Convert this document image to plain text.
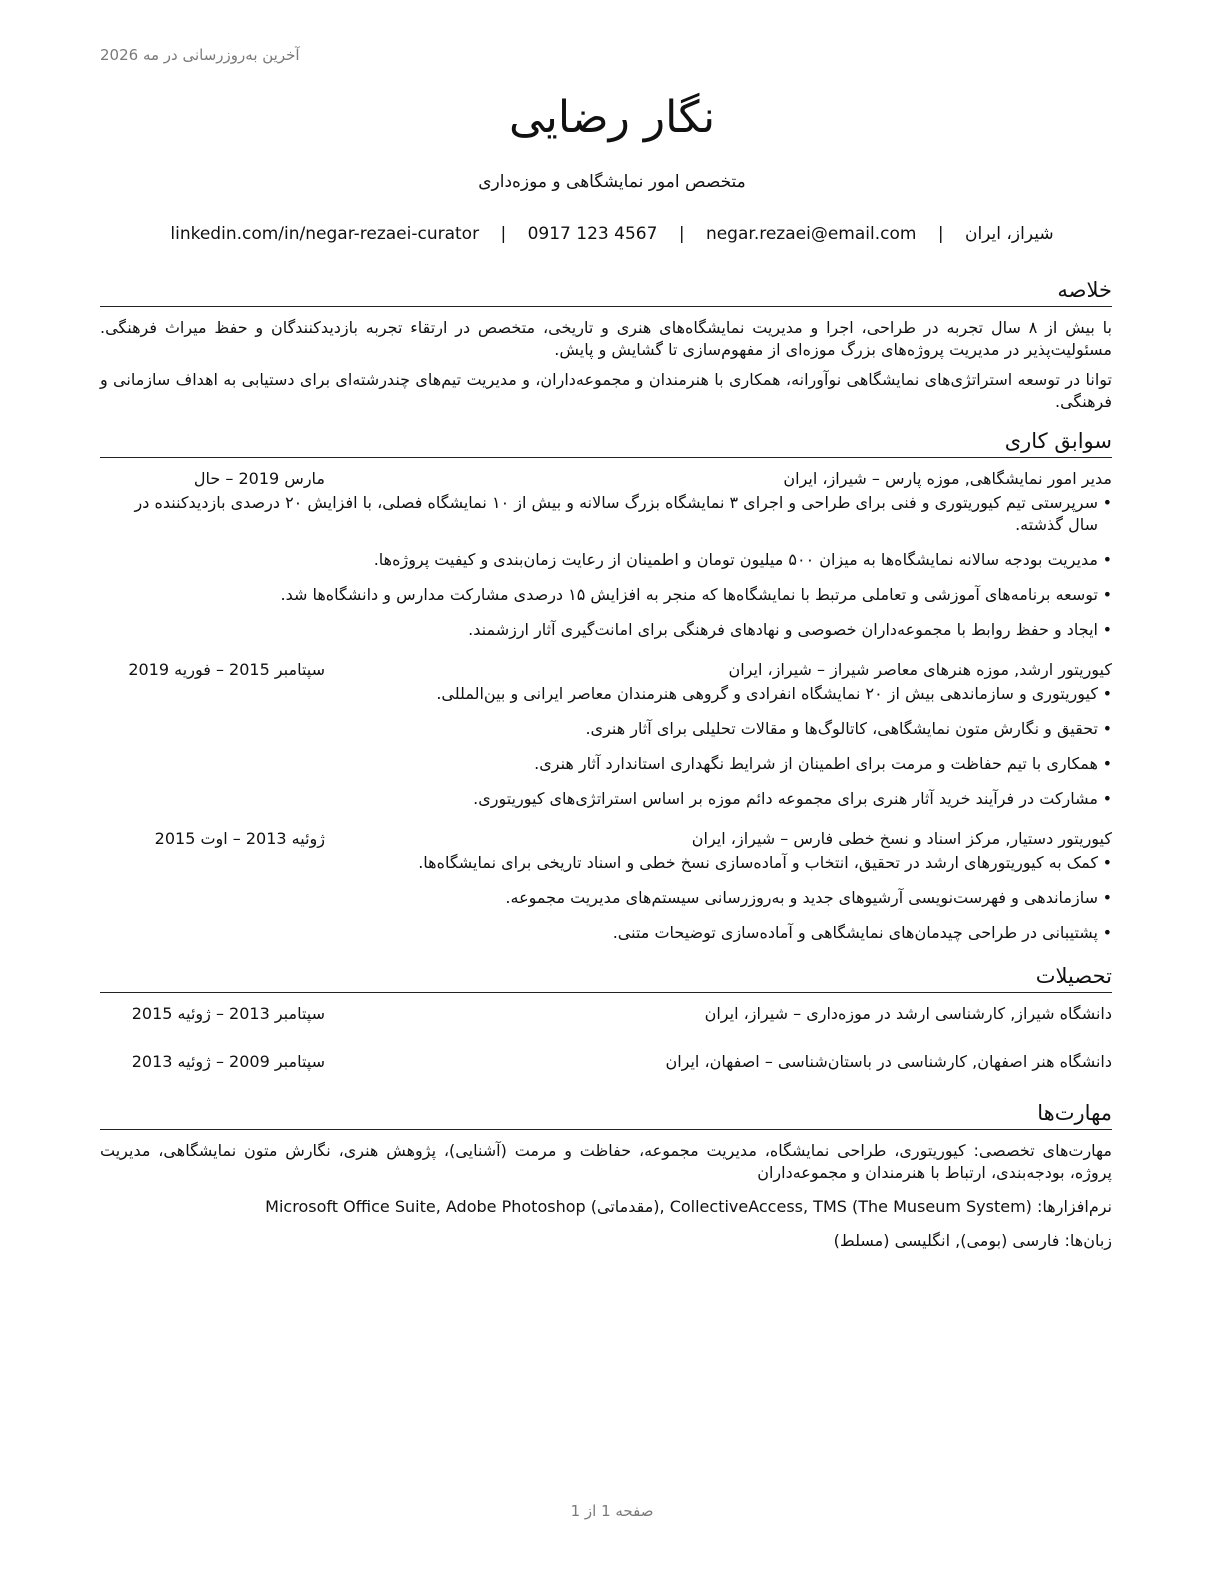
آخرین به‌روزرسانی در مه 2026
نگار رضایی
متخصص امور نمایشگاهی و موزه‌داری
شیراز، ایران | negar.rezaei@email.com | 0917 123 4567 | linkedin.com/in/negar-rezaei-curator
خلاصه

با بیش از ۸ سال تجربه در طراحی، اجرا و مدیریت نمایشگاه‌های هنری و تاریخی، متخصص در ارتقاء تجربه بازدیدکنندگان و حفظ میراث فرهنگی. مسئولیت‌پذیر در مدیریت پروژه‌های بزرگ موزه‌ای از مفهوم‌سازی تا گشایش و پایش.

توانا در توسعه استراتژی‌های نمایشگاهی نوآورانه، همکاری با هنرمندان و مجموعه‌داران، و مدیریت تیم‌های چندرشته‌ای برای دستیابی به اهداف سازمانی و فرهنگی.

سوابق کاری
مدیر امور نمایشگاهی, موزه پارس – شیراز، ایران
مارس 2019 – حال
• سرپرستی تیم کیوریتوری و فنی برای طراحی و اجرای ۳ نمایشگاه بزرگ سالانه و بیش از ۱۰ نمایشگاه فصلی، با افزایش ۲۰ درصدی بازدیدکننده در سال گذشته.
• مدیریت بودجه سالانه نمایشگاه‌ها به میزان ۵۰۰ میلیون تومان و اطمینان از رعایت زمان‌بندی و کیفیت پروژه‌ها.
• توسعه برنامه‌های آموزشی و تعاملی مرتبط با نمایشگاه‌ها که منجر به افزایش ۱۵ درصدی مشارکت مدارس و دانشگاه‌ها شد.
• ایجاد و حفظ روابط با مجموعه‌داران خصوصی و نهادهای فرهنگی برای امانت‌گیری آثار ارزشمند.
کیوریتور ارشد, موزه هنرهای معاصر شیراز – شیراز، ایران
سپتامبر 2015 – فوریه 2019
• کیوریتوری و سازماندهی بیش از ۲۰ نمایشگاه انفرادی و گروهی هنرمندان معاصر ایرانی و بین‌المللی.
• تحقیق و نگارش متون نمایشگاهی، کاتالوگ‌ها و مقالات تحلیلی برای آثار هنری.
• همکاری با تیم حفاظت و مرمت برای اطمینان از شرایط نگهداری استاندارد آثار هنری.
• مشارکت در فرآیند خرید آثار هنری برای مجموعه دائم موزه بر اساس استراتژی‌های کیوریتوری.
کیوریتور دستیار, مرکز اسناد و نسخ خطی فارس – شیراز، ایران
ژوئیه 2013 – اوت 2015
• کمک به کیوریتورهای ارشد در تحقیق، انتخاب و آماده‌سازی نسخ خطی و اسناد تاریخی برای نمایشگاه‌ها.
• سازماندهی و فهرست‌نویسی آرشیوهای جدید و به‌روزرسانی سیستم‌های مدیریت مجموعه.
• پشتیبانی در طراحی چیدمان‌های نمایشگاهی و آماده‌سازی توضیحات متنی.
تحصیلات
دانشگاه شیراز, کارشناسی ارشد در موزه‌داری – شیراز، ایران
سپتامبر 2013 – ژوئیه 2015
دانشگاه هنر اصفهان, کارشناسی در باستان‌شناسی – اصفهان، ایران
سپتامبر 2009 – ژوئیه 2013
مهارت‌ها

مهارت‌های تخصصی: کیوریتوری، طراحی نمایشگاه، مدیریت مجموعه، حفاظت و مرمت (آشنایی)، پژوهش هنری، نگارش متون نمایشگاهی، مدیریت پروژه، بودجه‌بندی، ارتباط با هنرمندان و مجموعه‌داران

نرم‌افزارها: Microsoft Office Suite, Adobe Photoshop (مقدماتی), CollectiveAccess, TMS (The Museum System)

زبان‌ها: فارسی (بومی), انگلیسی (مسلط)

صفحه 1 از 1
